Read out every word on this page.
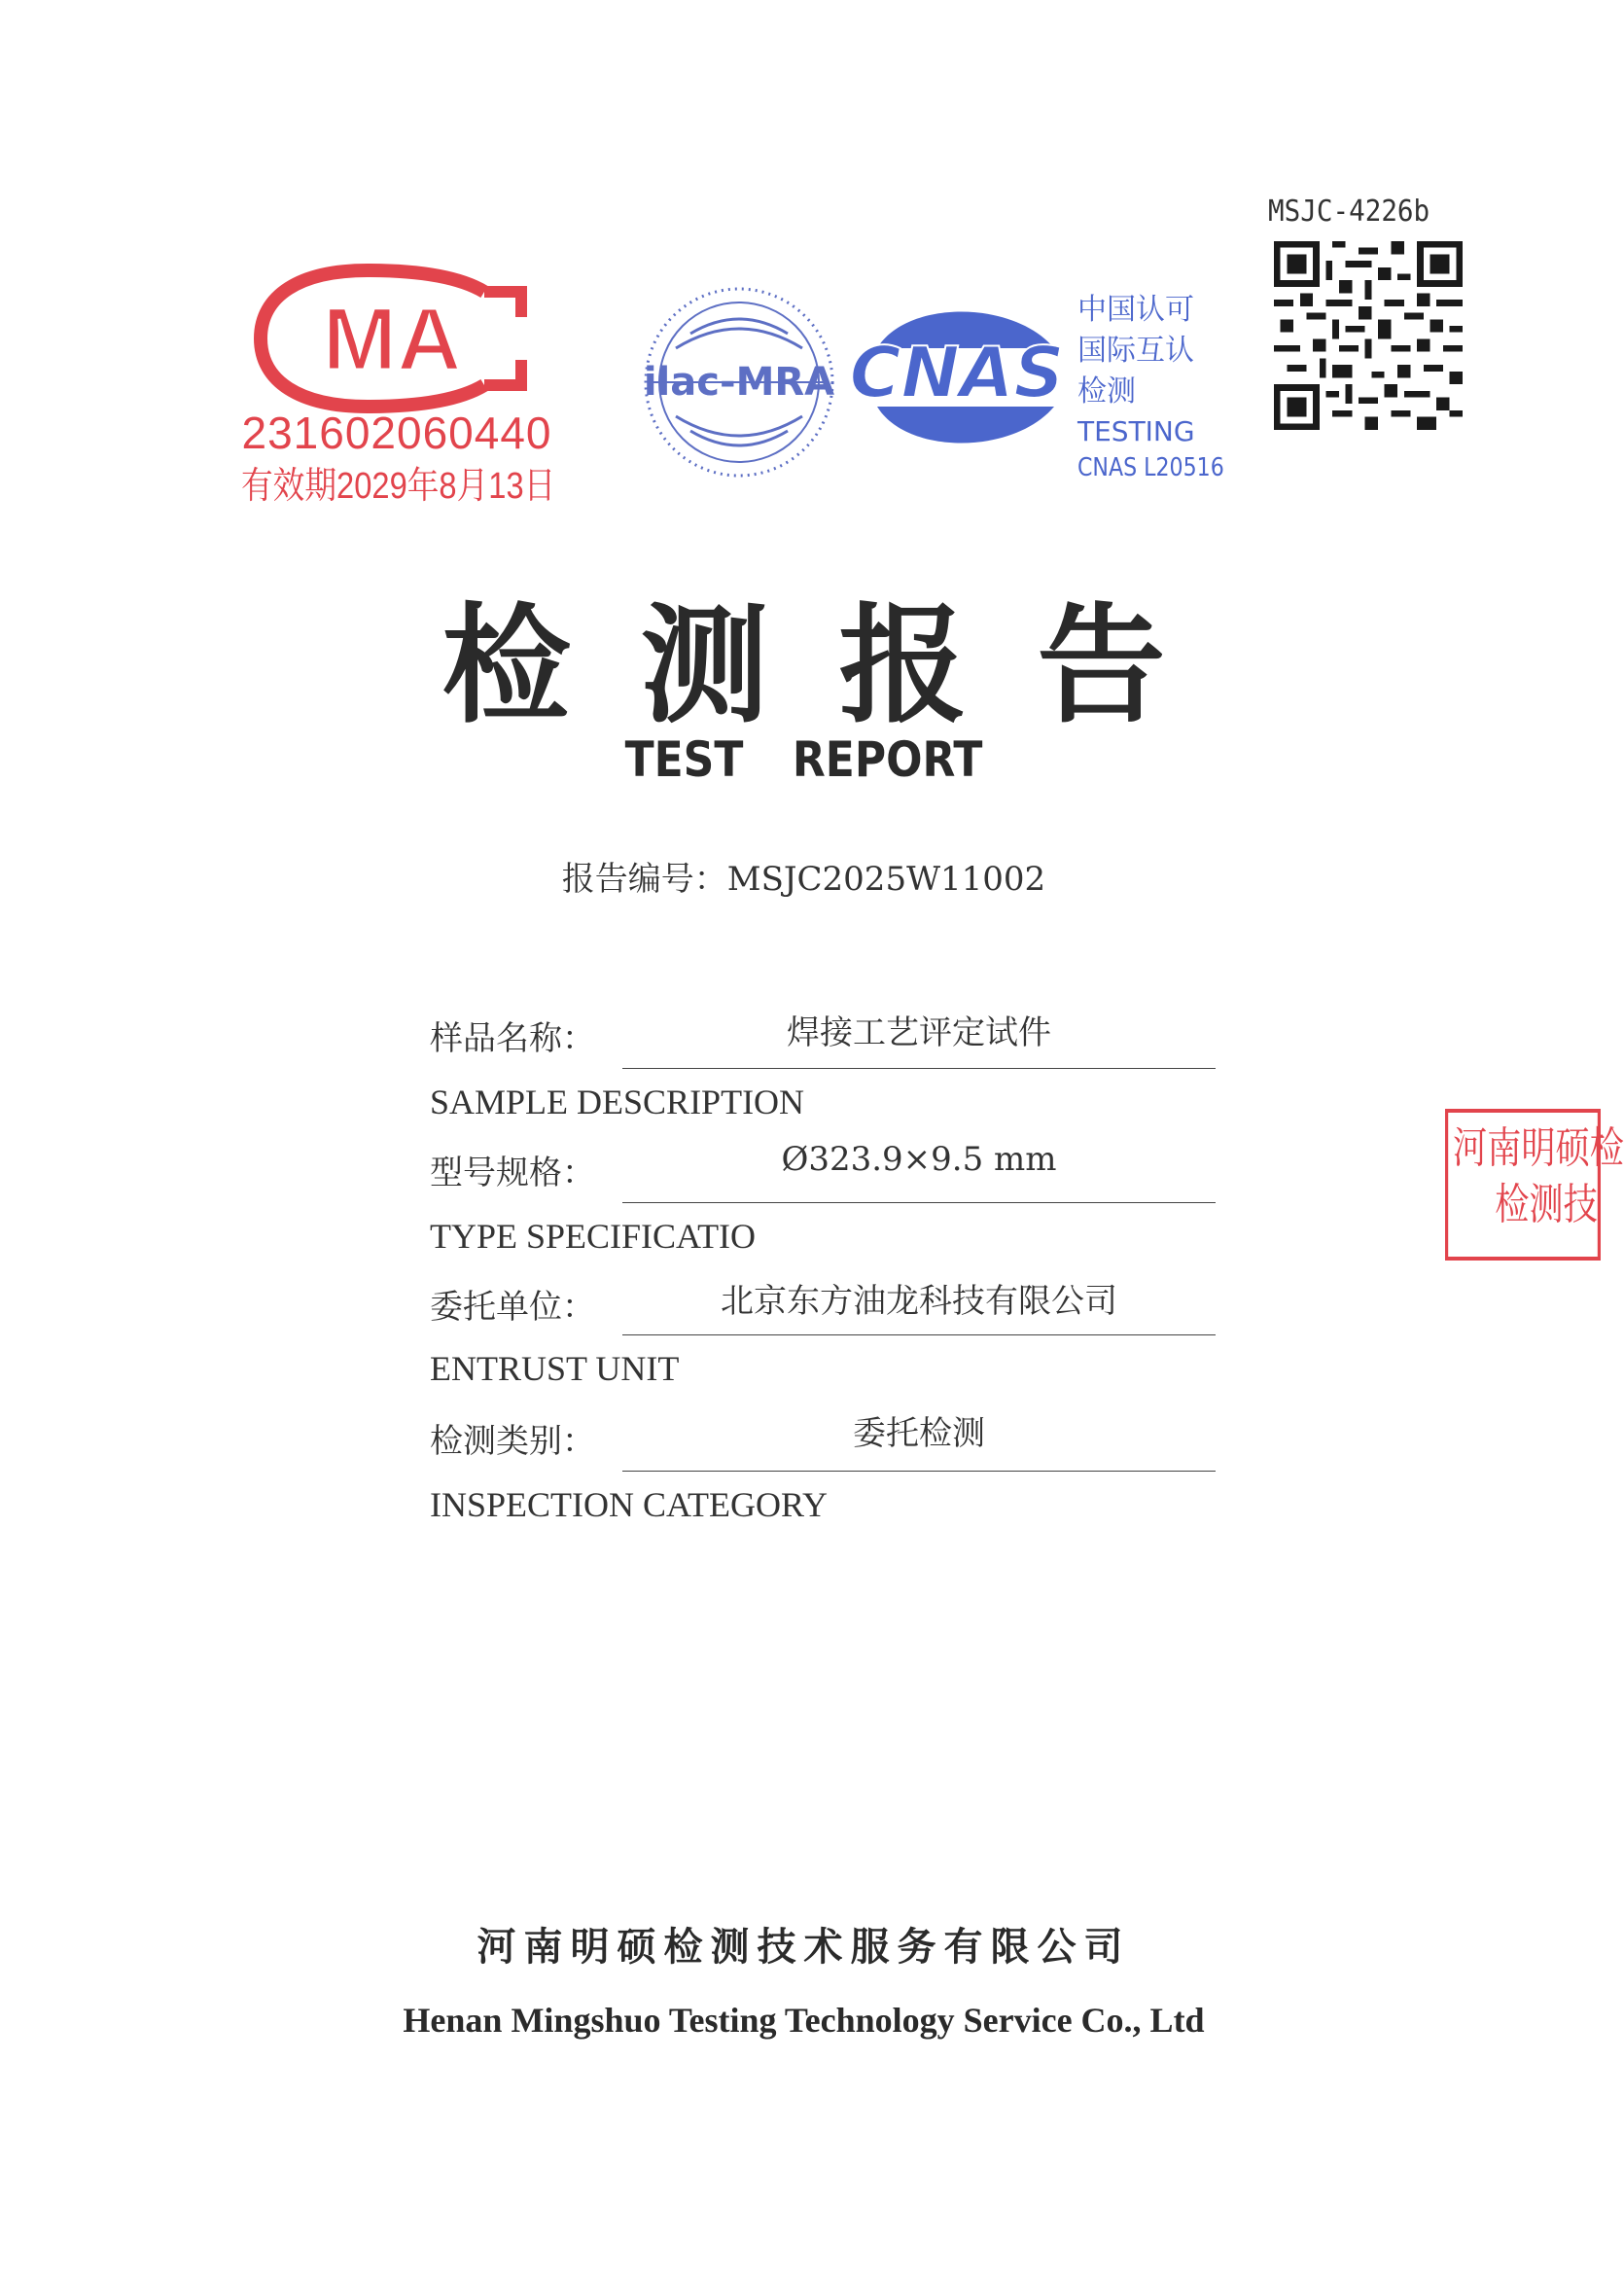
MA
231602060440
有效期2029年8月13日
ilac-MRA CNAS
中国认可
国际互认
检测
TESTING
CNAS L20516
MSJC-4226b
检测报告
TEST REPORT
报告编号：MSJC2025W11002
样品名称：	焊接工艺评定试件
SAMPLE DESCRIPTION
型号规格：	Ø323.9×9.5 mm
TYPE SPECIFICATIO
委托单位：	北京东方油龙科技有限公司
ENTRUST UNIT
检测类别：	委托检测
INSPECTION CATEGORY
河南明硕检
检测技
河南明硕检测技术服务有限公司
Henan Mingshuo Testing Technology Service Co., Ltd
